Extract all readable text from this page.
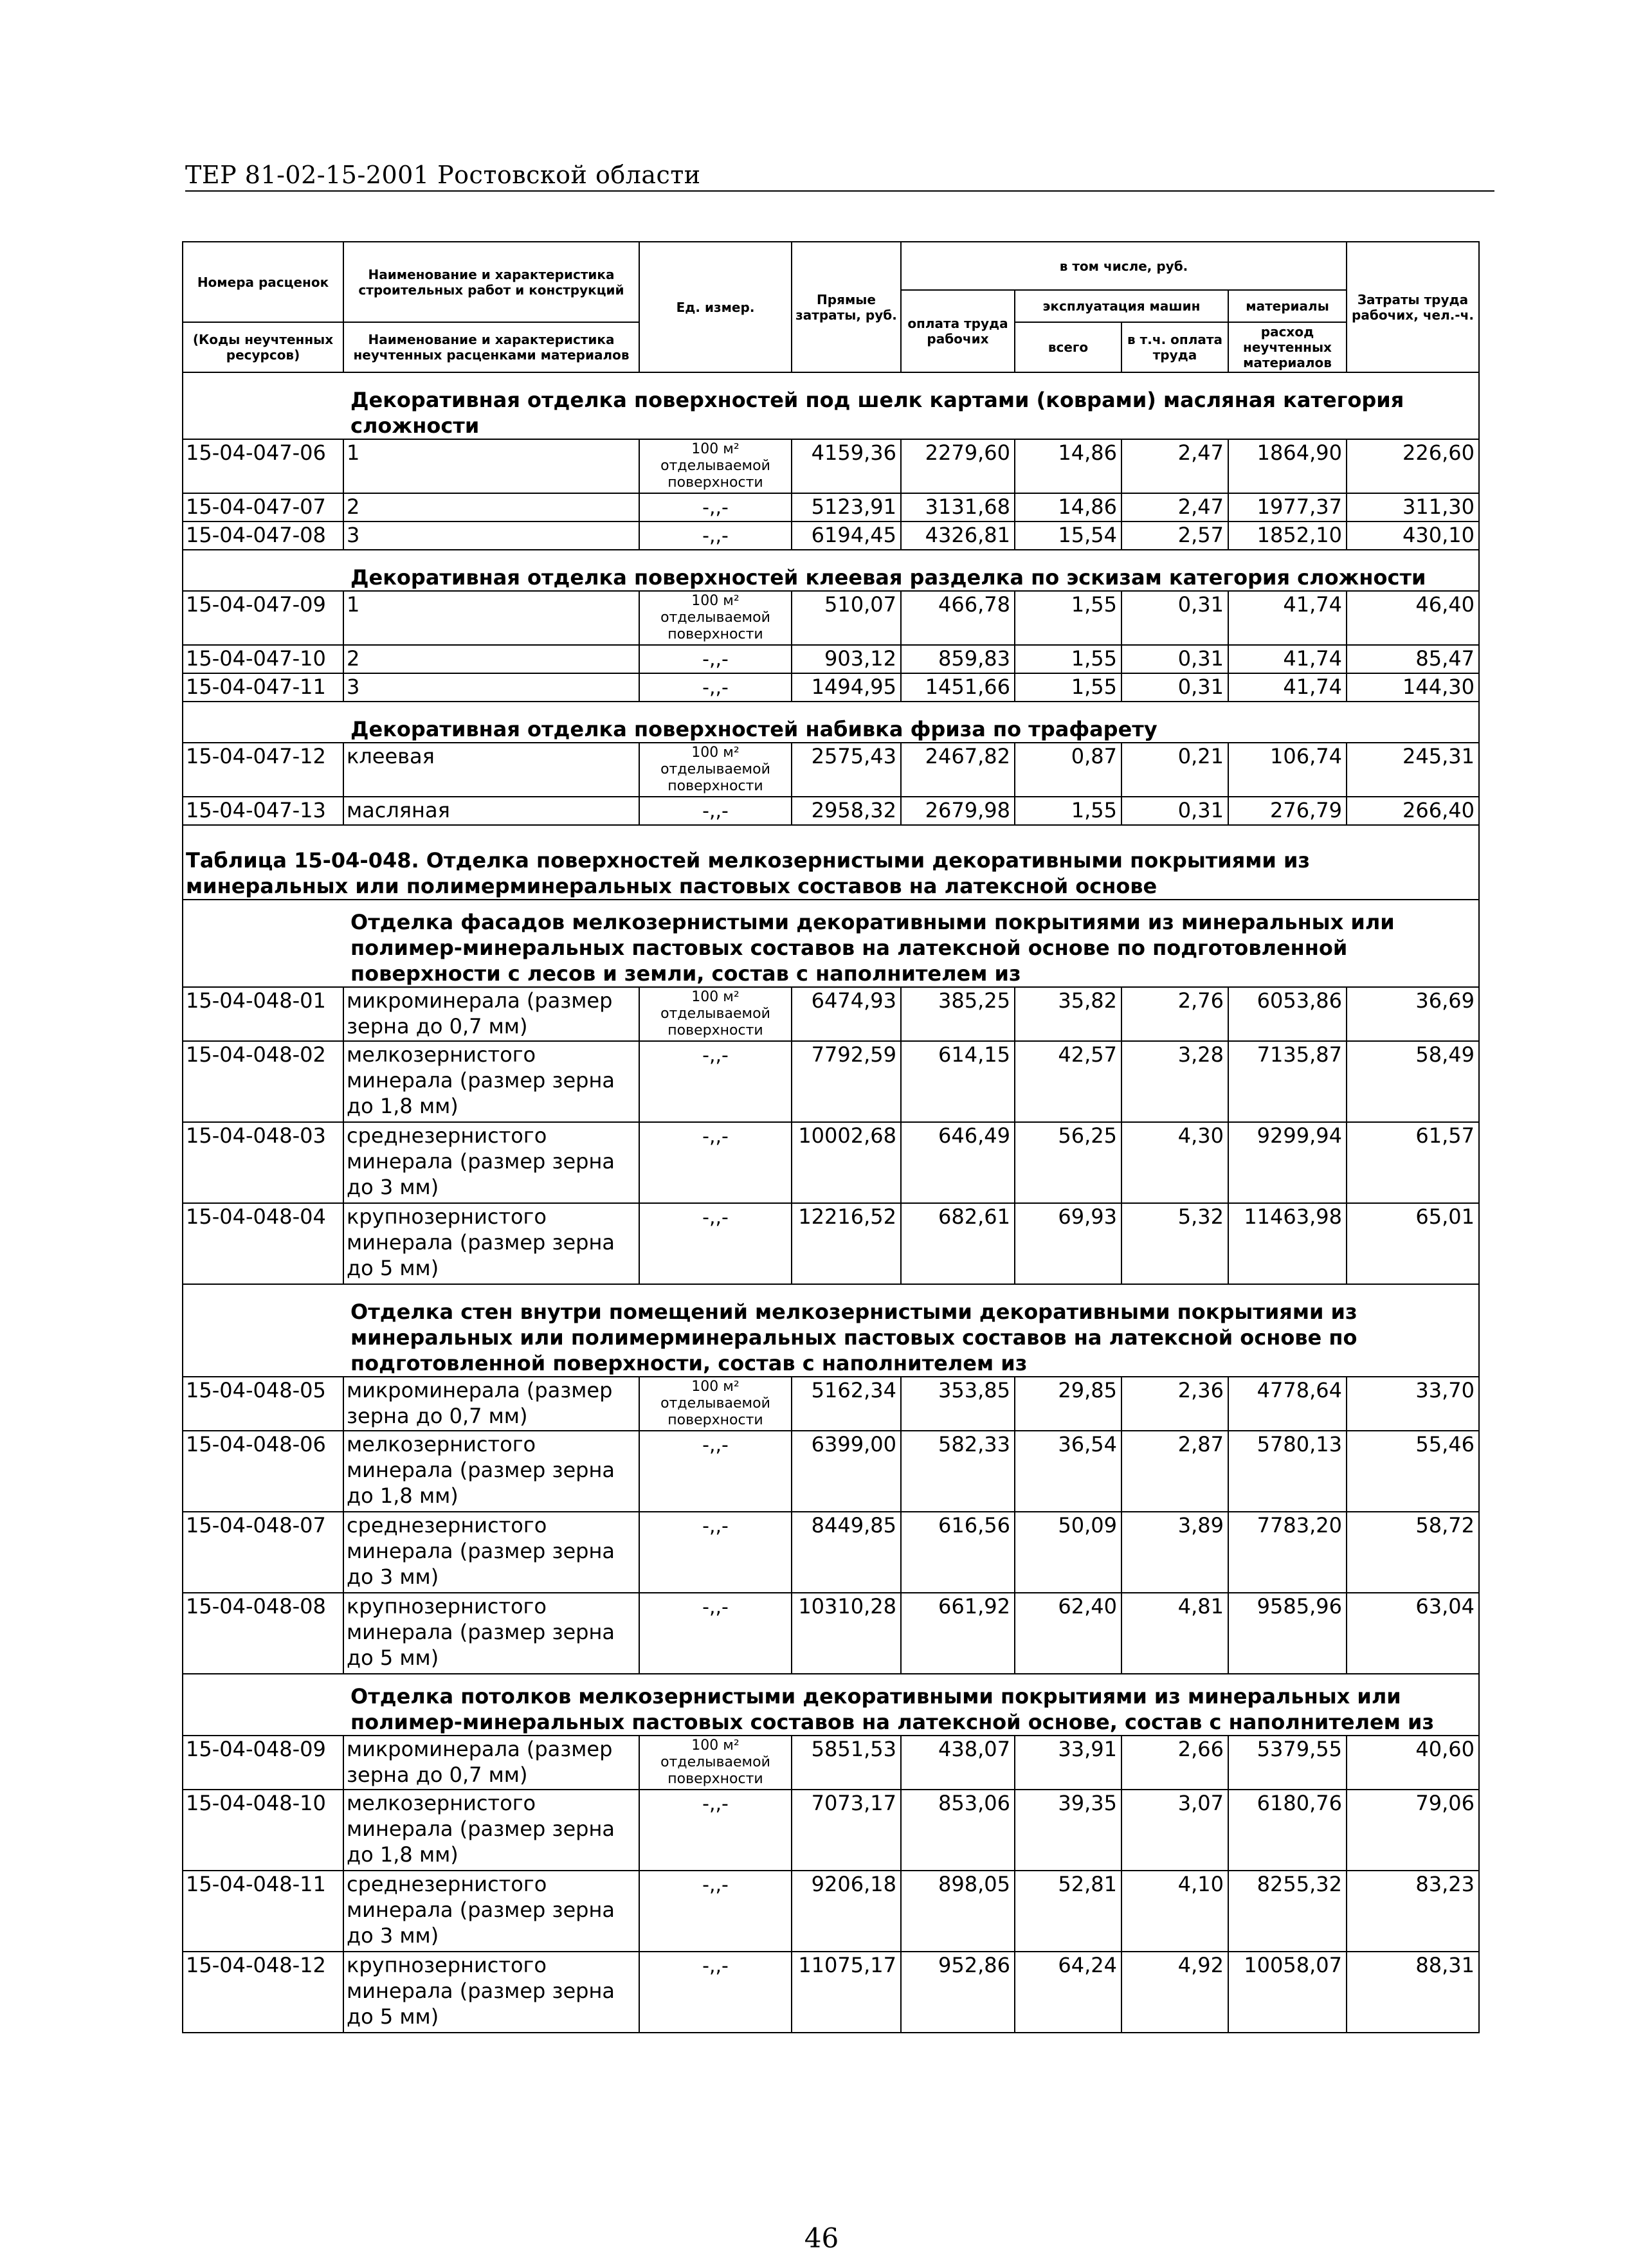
ТЕР 81-02-15-2001 Ростовской области
Номера расценок	Наименование и характеристика строительных работ и конструкций	Ед. измер.	Прямые затраты, руб.	в том числе, руб.				Затраты труда рабочих, чел.-ч.
				оплата труда рабочих	эксплуатация машин		материалы	
(Коды неучтенных ресурсов)	Наименование и характеристика неучтенных расценками материалов				всего	в т.ч. оплата труда	расход неучтенных материалов	

Декоративная отделка поверхностей под шелк картами (коврами) масляная категория сложности								
15-04-047-06	1	100 м² отделываемой поверхности	4159,36	2279,60	14,86	2,47	1864,90	226,60
15-04-047-07	2	-,,-	5123,91	3131,68	14,86	2,47	1977,37	311,30
15-04-047-08	3	-,,-	6194,45	4326,81	15,54	2,57	1852,10	430,10
Декоративная отделка поверхностей клеевая разделка по эскизам категория сложности								
15-04-047-09	1	100 м² отделываемой поверхности	510,07	466,78	1,55	0,31	41,74	46,40
15-04-047-10	2	-,,-	903,12	859,83	1,55	0,31	41,74	85,47
15-04-047-11	3	-,,-	1494,95	1451,66	1,55	0,31	41,74	144,30
Декоративная отделка поверхностей набивка фриза по трафарету								
15-04-047-12	клеевая	100 м² отделываемой поверхности	2575,43	2467,82	0,87	0,21	106,74	245,31
15-04-047-13	масляная	-,,-	2958,32	2679,98	1,55	0,31	276,79	266,40
Таблица 15-04-048. Отделка поверхностей мелкозернистыми декоративными покрытиями из минеральных или полимерминеральных пастовых составов на латексной основе								
Отделка фасадов мелкозернистыми декоративными покрытиями из минеральных или полимер-минеральных пастовых составов на латексной основе по подготовленной поверхности с лесов и земли, состав с наполнителем из								
15-04-048-01	микроминерала (размер зерна до 0,7 мм)	100 м² отделываемой поверхности	6474,93	385,25	35,82	2,76	6053,86	36,69
15-04-048-02	мелкозернистого минерала (размер зерна до 1,8 мм)	-,,-	7792,59	614,15	42,57	3,28	7135,87	58,49
15-04-048-03	среднезернистого минерала (размер зерна до 3 мм)	-,,-	10002,68	646,49	56,25	4,30	9299,94	61,57
15-04-048-04	крупнозернистого минерала (размер зерна до 5 мм)	-,,-	12216,52	682,61	69,93	5,32	11463,98	65,01
Отделка стен внутри помещений мелкозернистыми декоративными покрытиями из минеральных или полимерминеральных пастовых составов на латексной основе по подготовленной поверхности, состав с наполнителем из								
15-04-048-05	микроминерала (размер зерна до 0,7 мм)	100 м² отделываемой поверхности	5162,34	353,85	29,85	2,36	4778,64	33,70
15-04-048-06	мелкозернистого минерала (размер зерна до 1,8 мм)	-,,-	6399,00	582,33	36,54	2,87	5780,13	55,46
15-04-048-07	среднезернистого минерала (размер зерна до 3 мм)	-,,-	8449,85	616,56	50,09	3,89	7783,20	58,72
15-04-048-08	крупнозернистого минерала (размер зерна до 5 мм)	-,,-	10310,28	661,92	62,40	4,81	9585,96	63,04
Отделка потолков мелкозернистыми декоративными покрытиями из минеральных или полимер-минеральных пастовых составов на латексной основе, состав с наполнителем из								
15-04-048-09	микроминерала (размер зерна до 0,7 мм)	100 м² отделываемой поверхности	5851,53	438,07	33,91	2,66	5379,55	40,60
15-04-048-10	мелкозернистого минерала (размер зерна до 1,8 мм)	-,,-	7073,17	853,06	39,35	3,07	6180,76	79,06
15-04-048-11	среднезернистого минерала (размер зерна до 3 мм)	-,,-	9206,18	898,05	52,81	4,10	8255,32	83,23
15-04-048-12	крупнозернистого минерала (размер зерна до 5 мм)	-,,-	11075,17	952,86	64,24	4,92	10058,07	88,31
46
